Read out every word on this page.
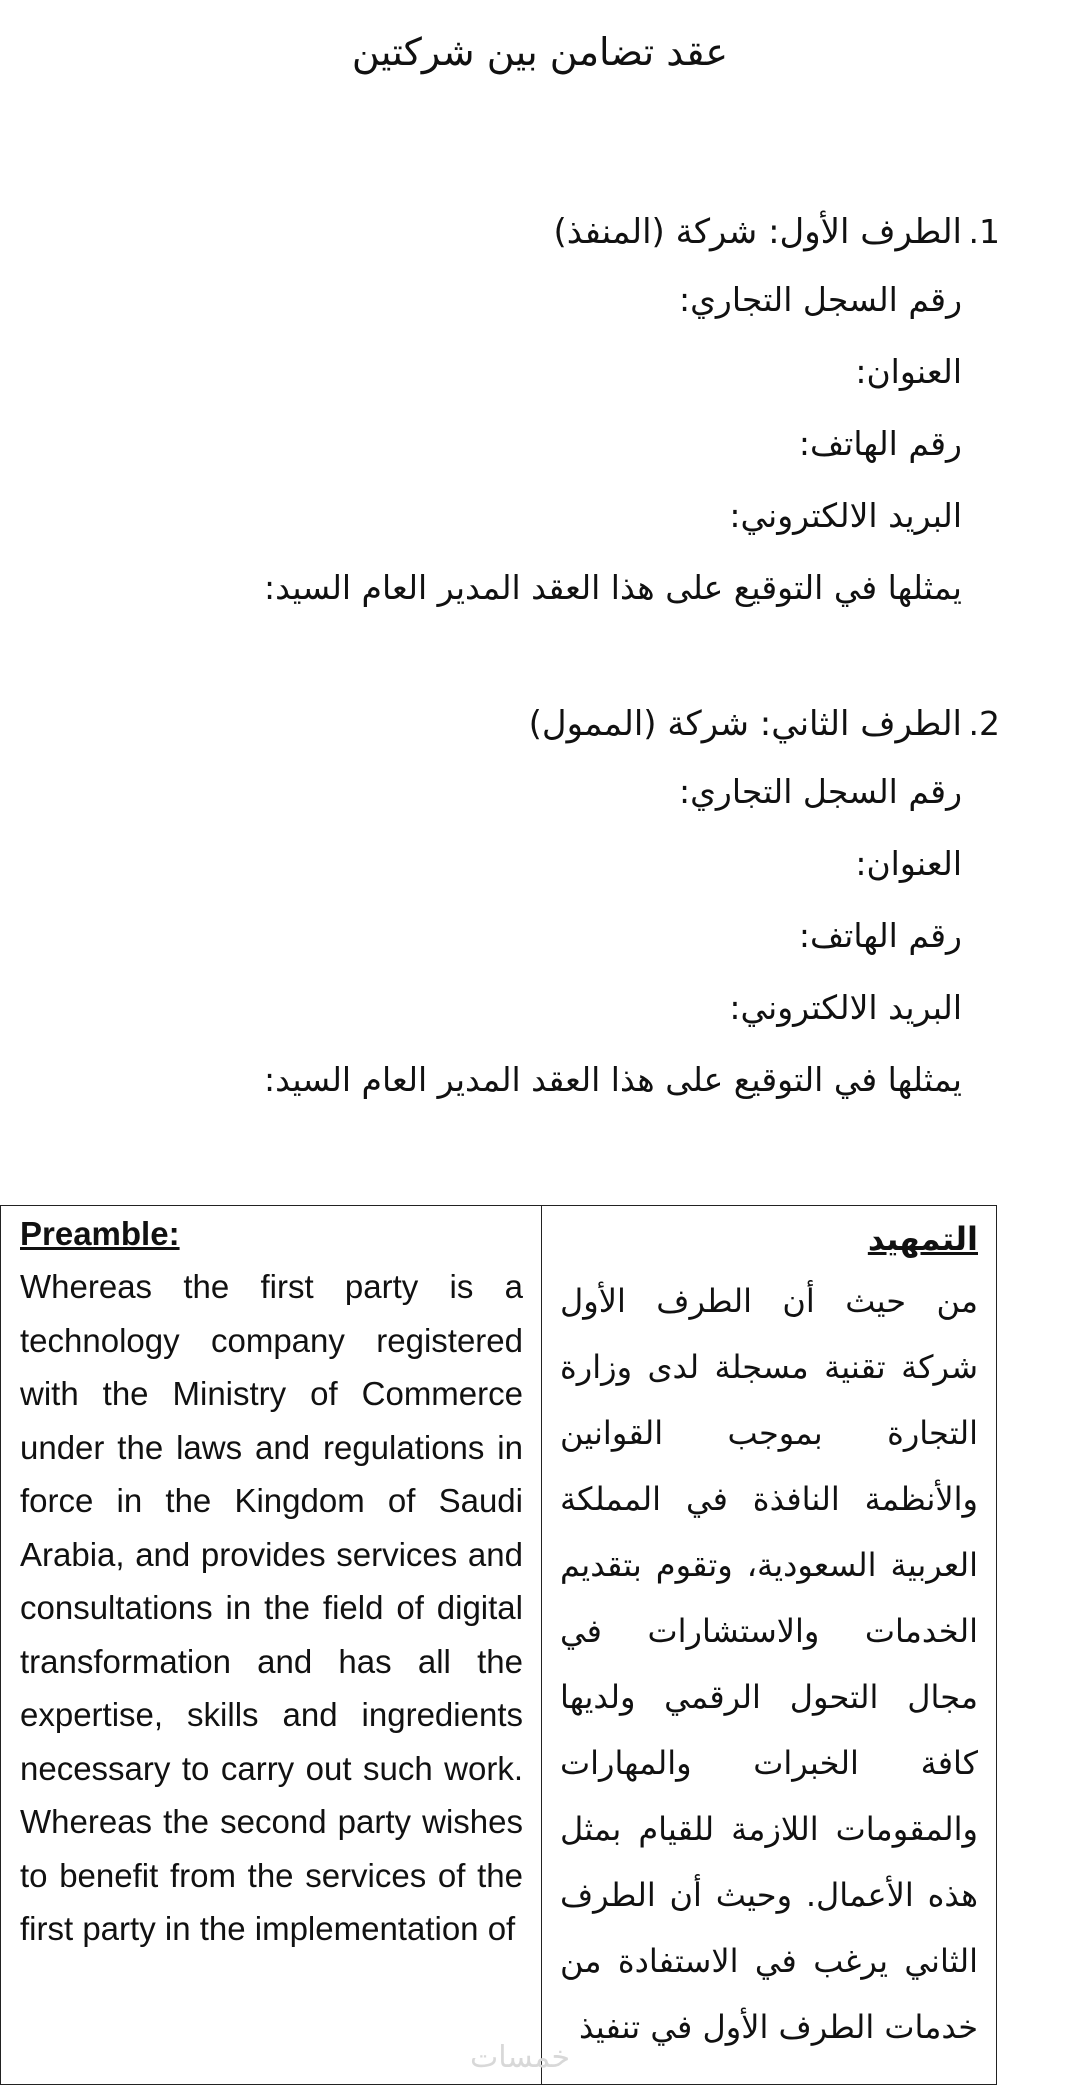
عقد تضامن بين شركتين
1.
الطرف الأول: شركة (المنفذ)
رقم السجل التجاري:
العنوان:
رقم الهاتف:
البريد الالكتروني:
يمثلها في التوقيع على هذا العقد المدير العام السيد:
2.
الطرف الثاني: شركة (الممول)
رقم السجل التجاري:
العنوان:
رقم الهاتف:
البريد الالكتروني:
يمثلها في التوقيع على هذا العقد المدير العام السيد:
Preamble:

Whereas the first party is a technology company registered with the Ministry of Commerce under the laws and regulations in force in the Kingdom of Saudi Arabia, and provides services and consultations in the field of digital transformation and has all the expertise, skills and ingredients necessary to carry out such work. Whereas the second party wishes to benefit from the services of the first party in the implementation of

التمهيد

من حيث أن الطرف الأول شركة تقنية مسجلة لدى وزارة التجارة بموجب القوانين والأنظمة النافذة في المملكة العربية السعودية، وتقوم بتقديم الخدمات والاستشارات في مجال التحول الرقمي ولديها كافة الخبرات والمهارات والمقومات اللازمة للقيام بمثل هذه الأعمال. وحيث أن الطرف الثاني يرغب في الاستفادة من خدمات الطرف الأول في تنفيذ

خمسات
